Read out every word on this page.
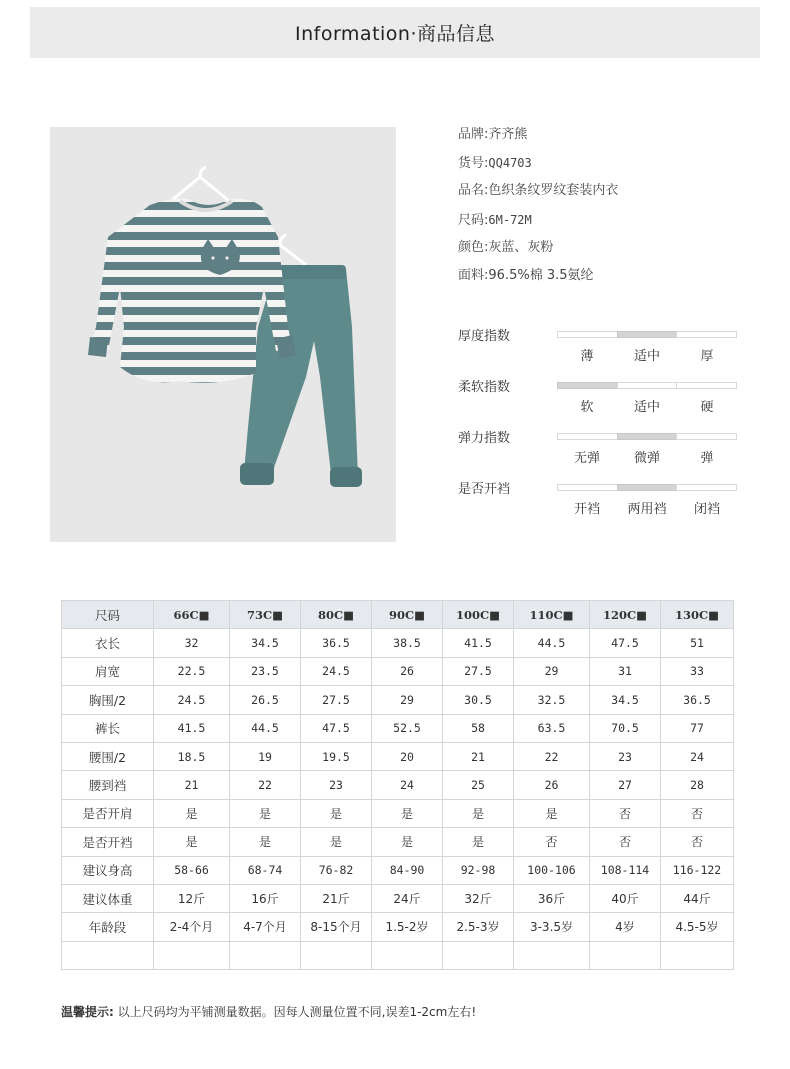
Information·商品信息
品牌:齐齐熊
货号:QQ4703
品名:色织条纹罗纹套装内衣
尺码:6M-72M
颜色:灰蓝、灰粉
面料:96.5%棉 3.5氨纶
厚度指数
薄	适中	厚
柔软指数
软	适中	硬
弹力指数
无弹	微弹	弹
是否开裆
开裆	两用裆	闭裆
尺码	66C■	73C■	80C■	90C■	100C■	110C■	120C■	130C■
衣长	32	34.5	36.5	38.5	41.5	44.5	47.5	51
肩宽	22.5	23.5	24.5	26	27.5	29	31	33
胸围/2	24.5	26.5	27.5	29	30.5	32.5	34.5	36.5
裤长	41.5	44.5	47.5	52.5	58	63.5	70.5	77
腰围/2	18.5	19	19.5	20	21	22	23	24
腰到裆	21	22	23	24	25	26	27	28
是否开肩	是	是	是	是	是	是	否	否
是否开裆	是	是	是	是	是	否	否	否
建议身高	58-66	68-74	76-82	84-90	92-98	100-106	108-114	116-122
建议体重	12斤	16斤	21斤	24斤	32斤	36斤	40斤	44斤
年龄段	2-4个月	4-7个月	8-15个月	1.5-2岁	2.5-3岁	3-3.5岁	4岁	4.5-5岁

温馨提示: 以上尺码均为平铺测量数据。因每人测量位置不同,误差1-2cm左右!
